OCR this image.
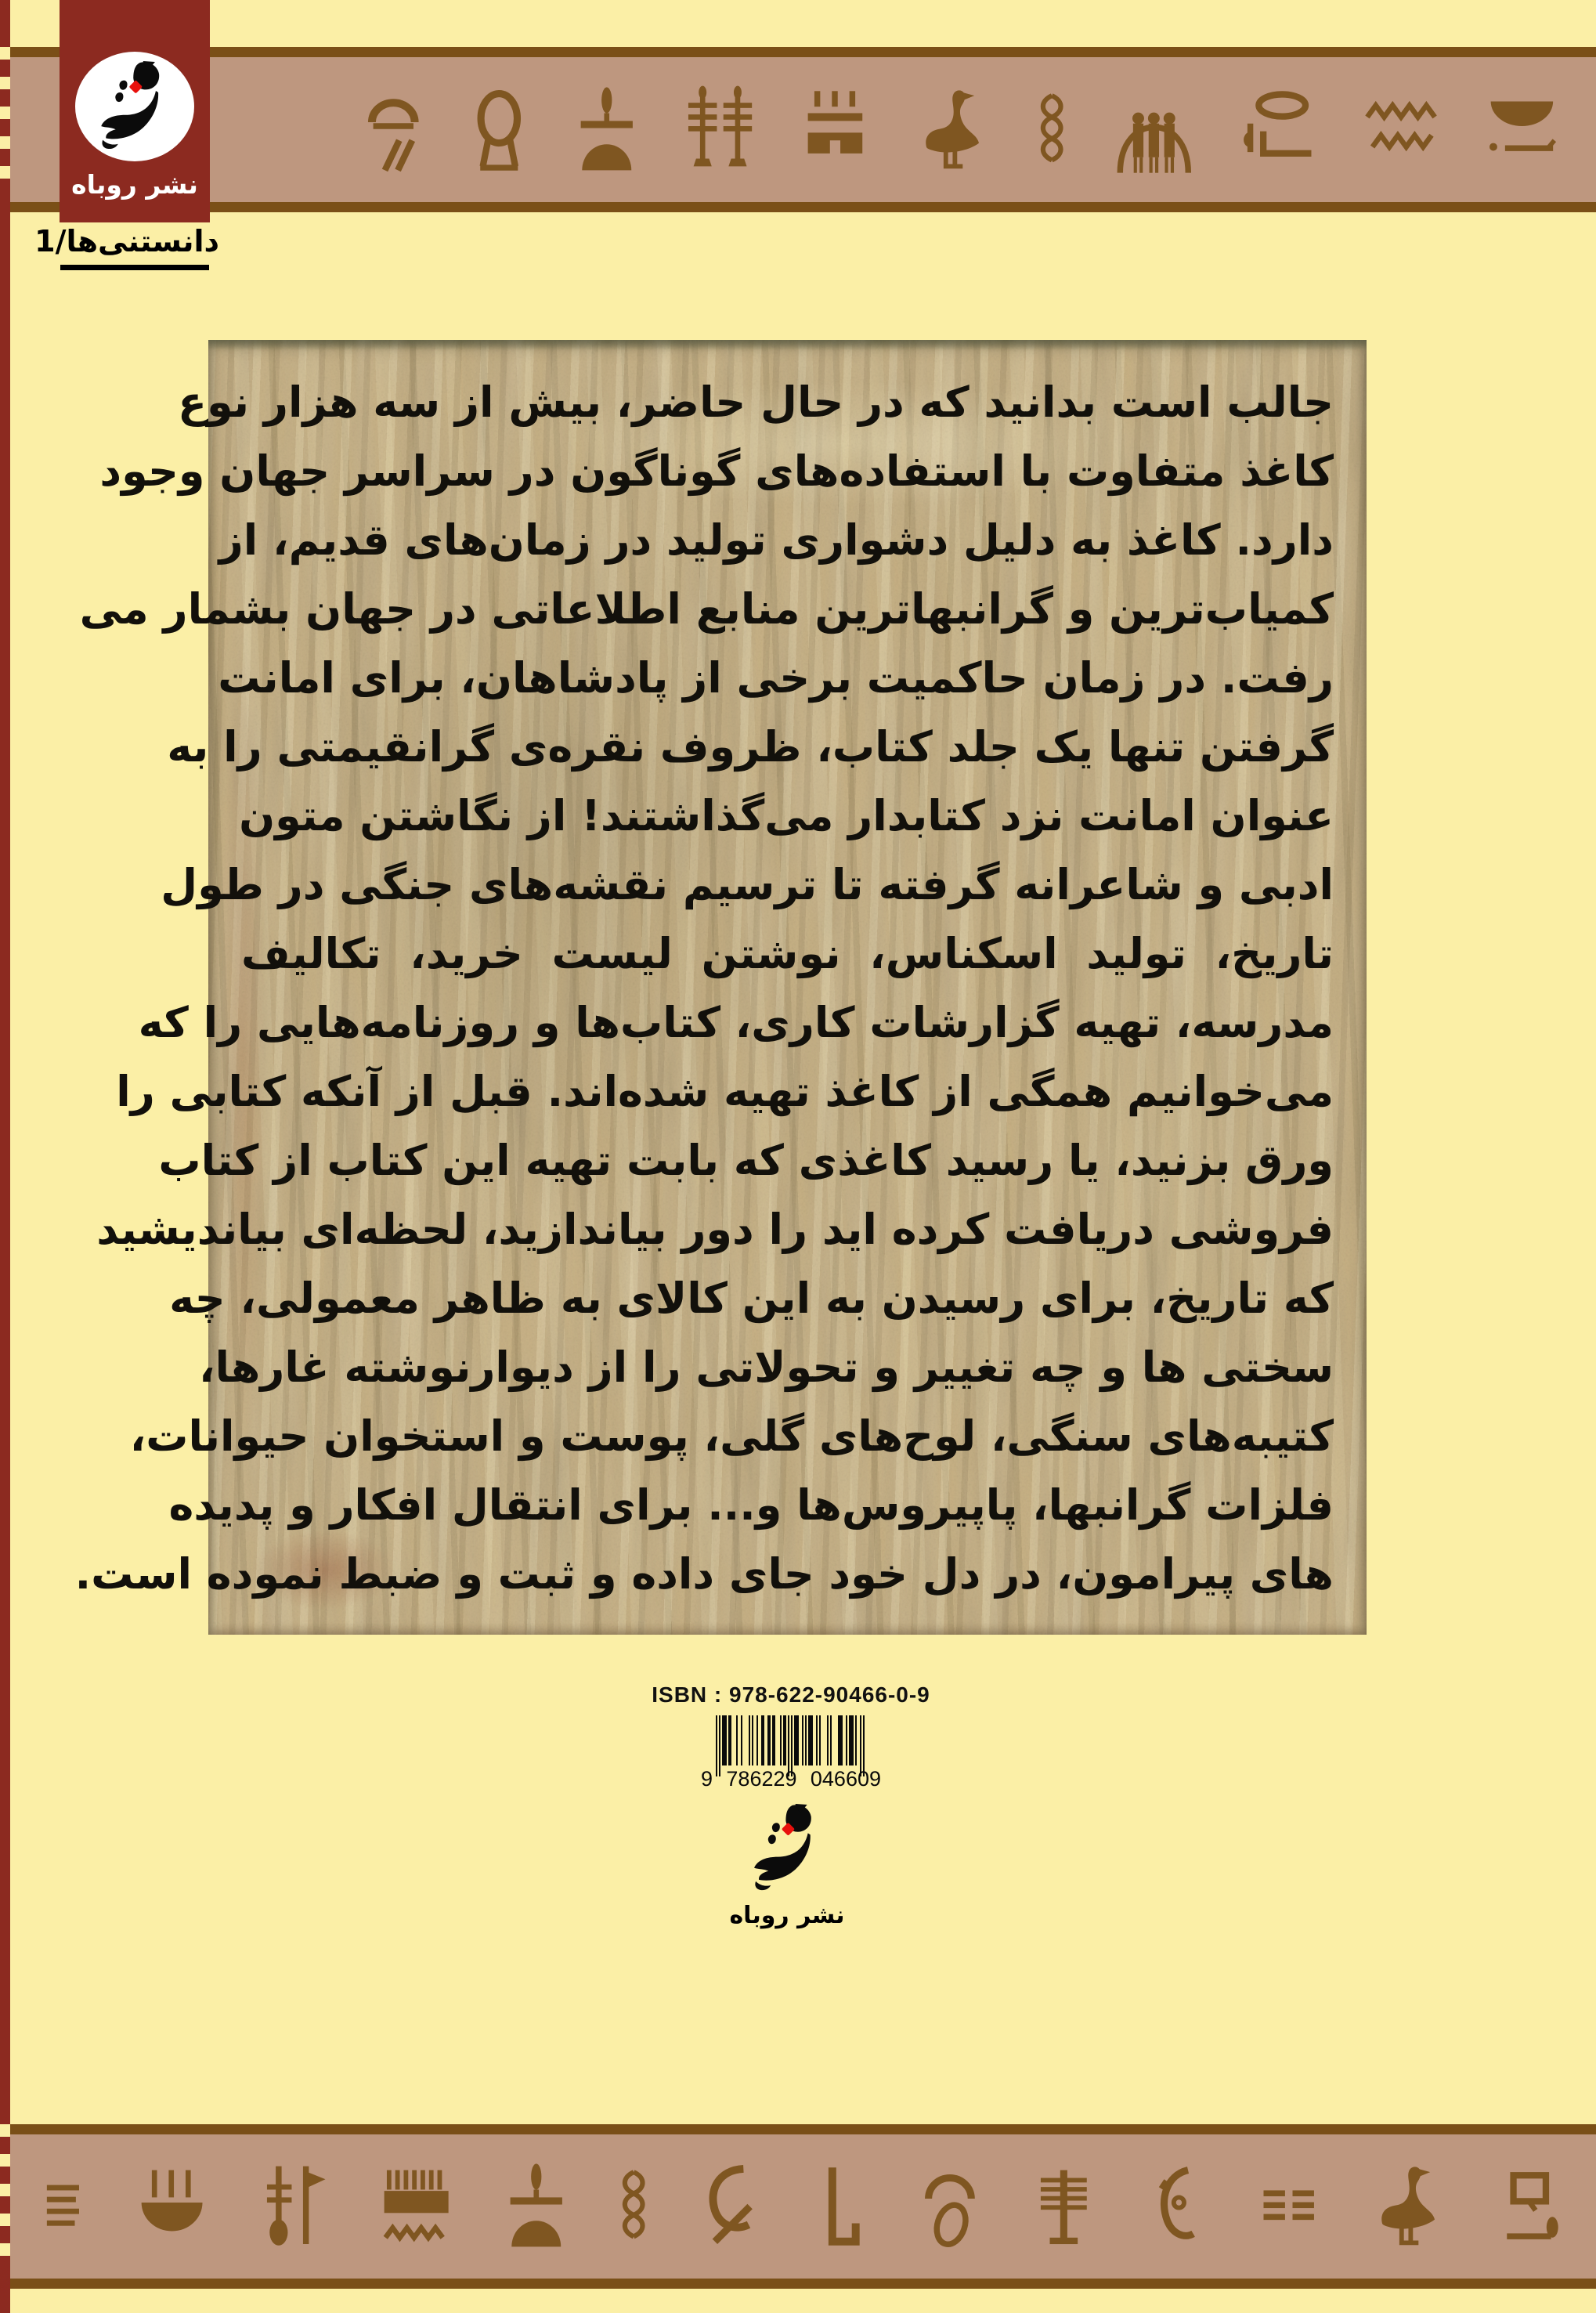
نشر روباه
دانستنی‌ها/1
جالب است بدانید که در حال حاضر، بیش از سه هزار نوع
کاغذ متفاوت با استفاده‌های گوناگون در سراسر جهان وجود
دارد. کاغذ به دلیل دشواری تولید در زمان‌های قدیم، از
کمیاب‌ترین و گرانبهاترین منابع اطلاعاتی در جهان بشمار می
رفت. در زمان حاکمیت برخی از پادشاهان، برای امانت
گرفتن تنها یک جلد کتاب، ظروف نقره‌ی گرانقیمتی را به
عنوان امانت نزد کتابدار می‌گذاشتند! از نگاشتن متون
ادبی و شاعرانه گرفته تا ترسیم نقشه‌های جنگی در طول
تاریخ، تولید اسکناس، نوشتن لیست خرید، تکالیف
مدرسه، تهیه گزارشات کاری، کتاب‌ها و روزنامه‌هایی را که
می‌خوانیم همگی از کاغذ تهیه شده‌اند. قبل از آنکه کتابی را
ورق بزنید، یا رسید کاغذی که بابت تهیه این کتاب از کتاب
فروشی دریافت کرده اید را دور بیاندازید، لحظه‌ای بیاندیشید
که تاریخ، برای رسیدن به این کالای به ظاهر معمولی، چه
سختی ها و چه تغییر و تحولاتی را از دیوارنوشته غارها،
کتیبه‌های سنگی، لوح‌های گلی، پوست و استخوان حیوانات،
فلزات گرانبها، پاپیروس‌ها و... برای انتقال افکار و پدیده
های پیرامون، در دل خود جای داده و ثبت و ضبط نموده است.
ISBN : 978-622-90466-0-9
9 786229 046609
نشر روباه
